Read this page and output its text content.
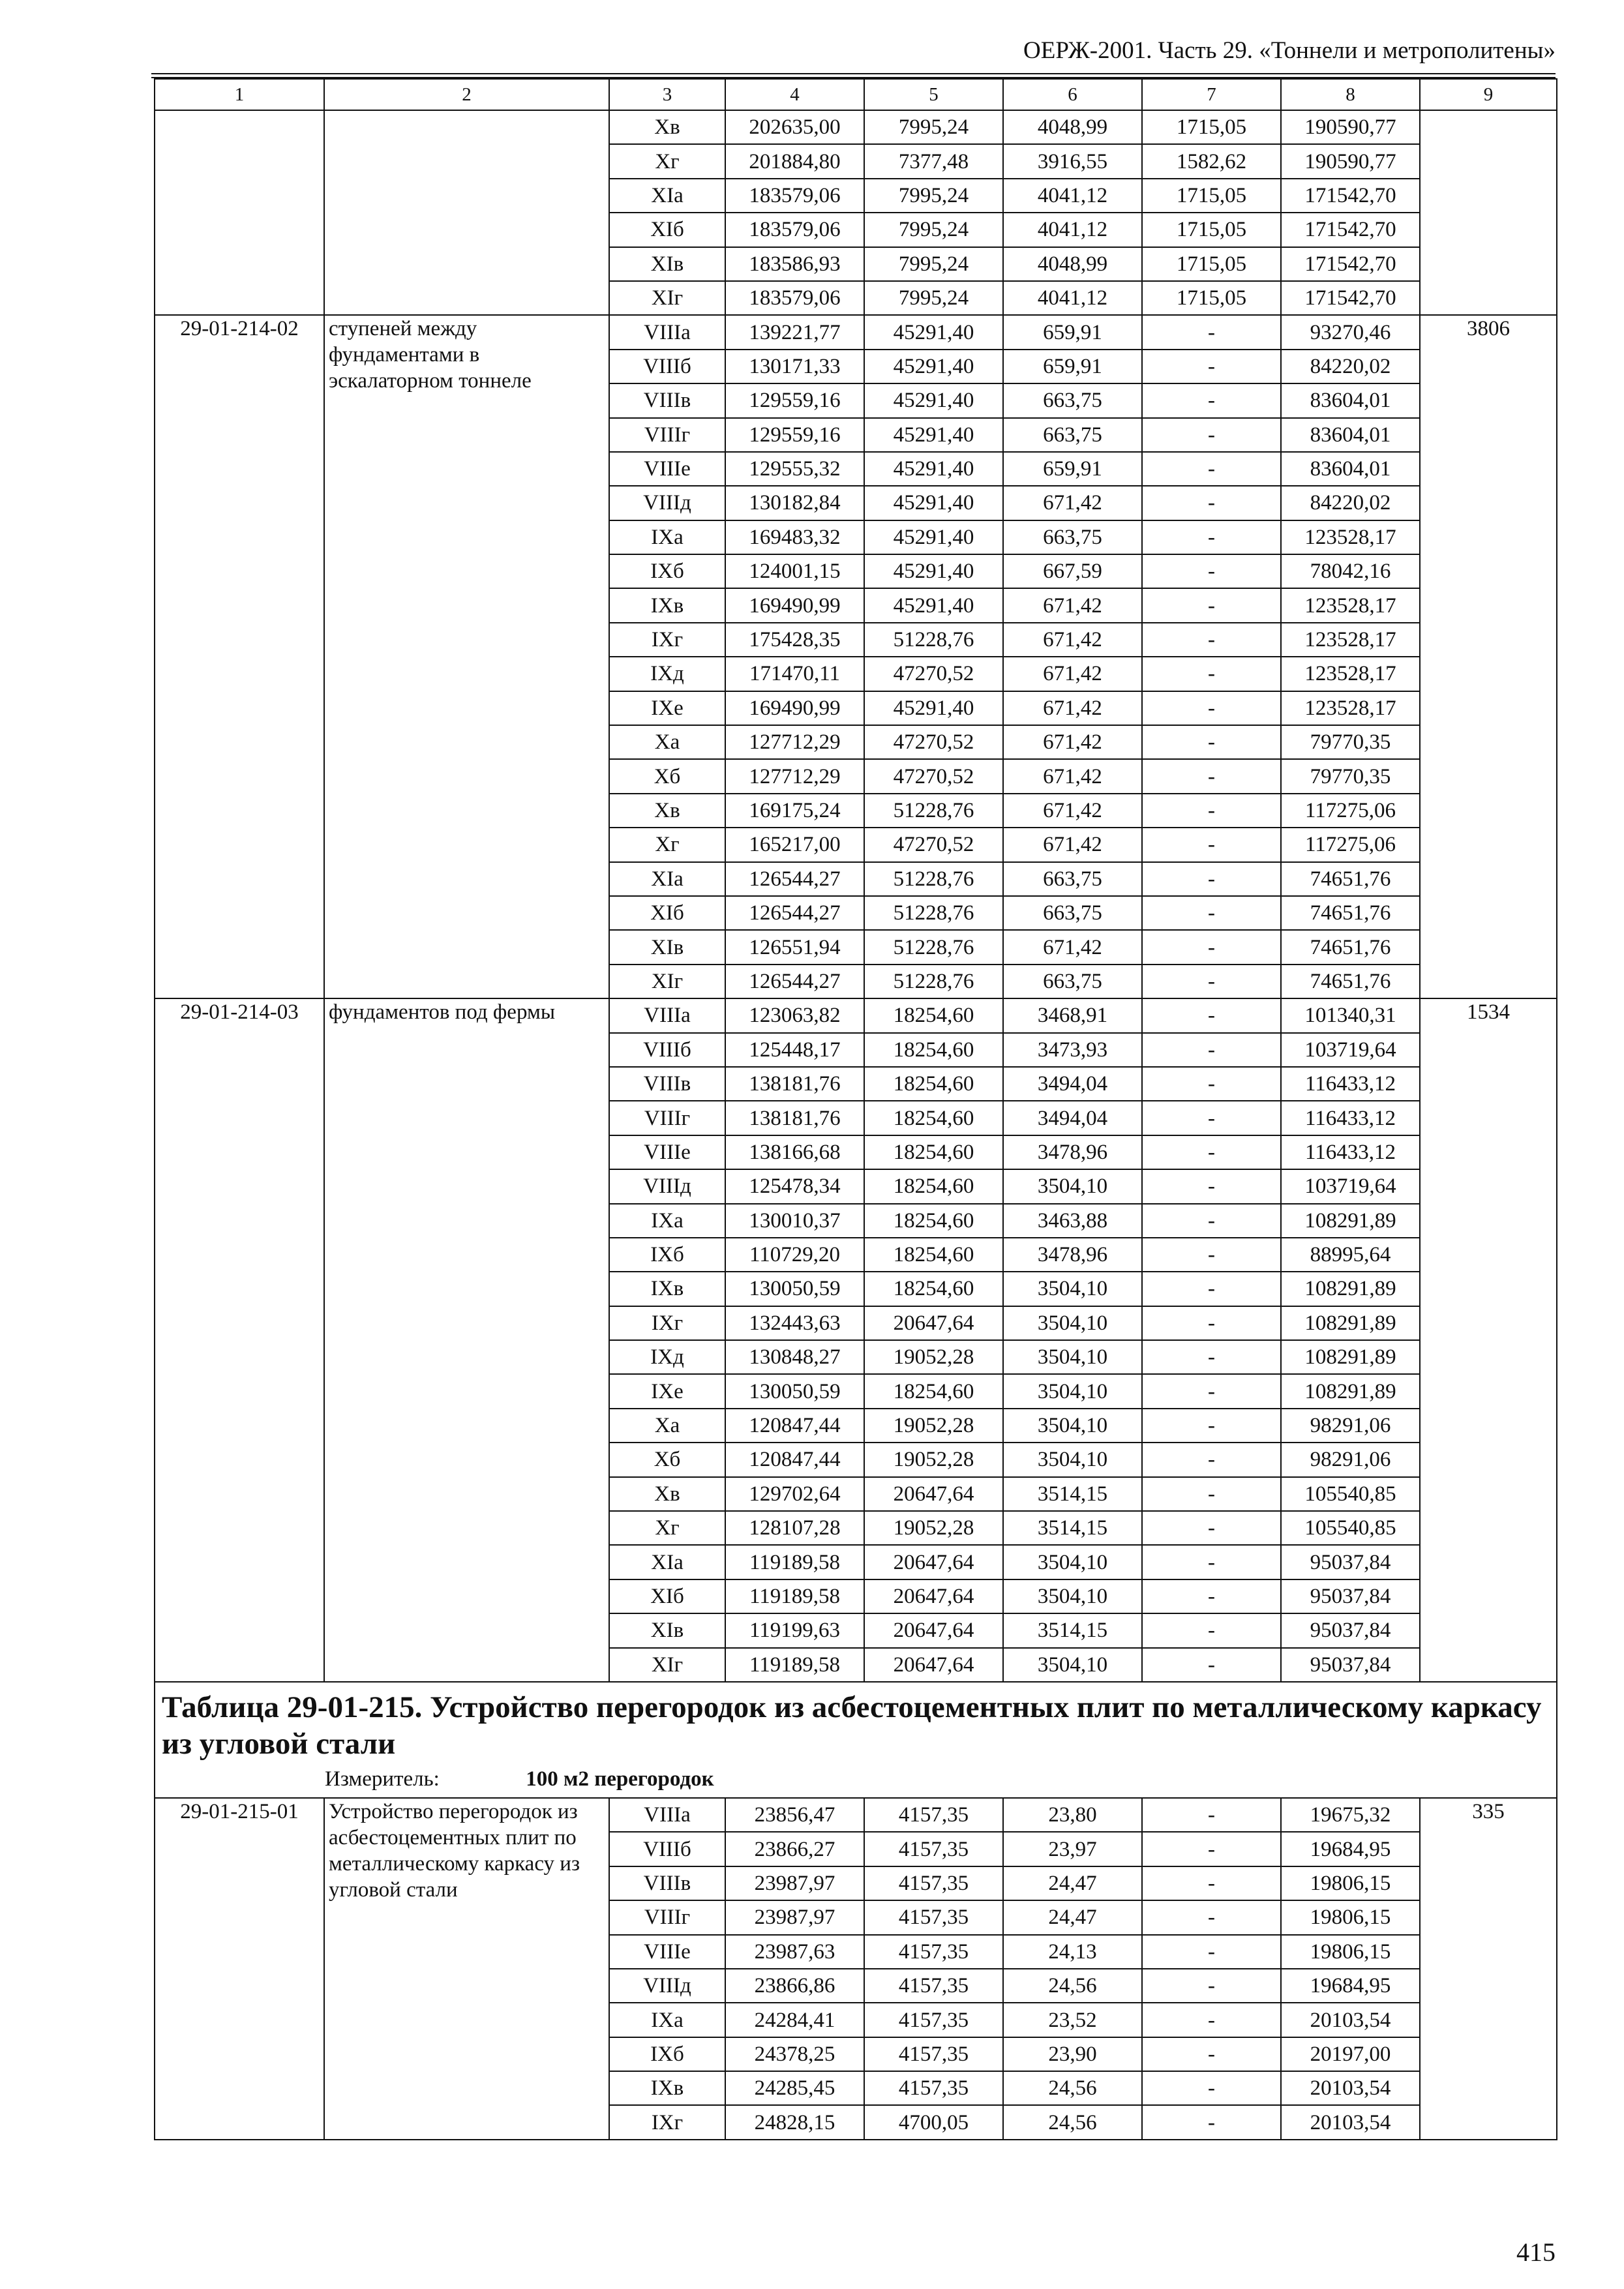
ОЕРЖ-2001. Часть 29. «Тоннели и метрополитены»
1	2	3	4	5	6	7	8	9
		Xв	202635,00	7995,24	4048,99	1715,05	190590,77	
		Xг	201884,80	7377,48	3916,55	1582,62	190590,77	
		XIa	183579,06	7995,24	4041,12	1715,05	171542,70	
		XIб	183579,06	7995,24	4041,12	1715,05	171542,70	
		XIв	183586,93	7995,24	4048,99	1715,05	171542,70	
		XIг	183579,06	7995,24	4041,12	1715,05	171542,70	
29-01-214-02	ступеней между фундаментами в эскалаторном тоннеле	VIIIa	139221,77	45291,40	659,91	-	93270,46	3806
		VIIIб	130171,33	45291,40	659,91	-	84220,02	
		VIIIв	129559,16	45291,40	663,75	-	83604,01	
		VIIIг	129559,16	45291,40	663,75	-	83604,01	
		VIIIе	129555,32	45291,40	659,91	-	83604,01	
		VIIIд	130182,84	45291,40	671,42	-	84220,02	
		IXa	169483,32	45291,40	663,75	-	123528,17	
		IXб	124001,15	45291,40	667,59	-	78042,16	
		IXв	169490,99	45291,40	671,42	-	123528,17	
		IXг	175428,35	51228,76	671,42	-	123528,17	
		IXд	171470,11	47270,52	671,42	-	123528,17	
		IXе	169490,99	45291,40	671,42	-	123528,17	
		Xa	127712,29	47270,52	671,42	-	79770,35	
		Xб	127712,29	47270,52	671,42	-	79770,35	
		Xв	169175,24	51228,76	671,42	-	117275,06	
		Xг	165217,00	47270,52	671,42	-	117275,06	
		XIa	126544,27	51228,76	663,75	-	74651,76	
		XIб	126544,27	51228,76	663,75	-	74651,76	
		XIв	126551,94	51228,76	671,42	-	74651,76	
		XIг	126544,27	51228,76	663,75	-	74651,76	
29-01-214-03	фундаментов под фермы	VIIIa	123063,82	18254,60	3468,91	-	101340,31	1534
		VIIIб	125448,17	18254,60	3473,93	-	103719,64	
		VIIIв	138181,76	18254,60	3494,04	-	116433,12	
		VIIIг	138181,76	18254,60	3494,04	-	116433,12	
		VIIIе	138166,68	18254,60	3478,96	-	116433,12	
		VIIIд	125478,34	18254,60	3504,10	-	103719,64	
		IXa	130010,37	18254,60	3463,88	-	108291,89	
		IXб	110729,20	18254,60	3478,96	-	88995,64	
		IXв	130050,59	18254,60	3504,10	-	108291,89	
		IXг	132443,63	20647,64	3504,10	-	108291,89	
		IXд	130848,27	19052,28	3504,10	-	108291,89	
		IXе	130050,59	18254,60	3504,10	-	108291,89	
		Xa	120847,44	19052,28	3504,10	-	98291,06	
		Xб	120847,44	19052,28	3504,10	-	98291,06	
		Xв	129702,64	20647,64	3514,15	-	105540,85	
		Xг	128107,28	19052,28	3514,15	-	105540,85	
		XIa	119189,58	20647,64	3504,10	-	95037,84	
		XIб	119189,58	20647,64	3504,10	-	95037,84	
		XIв	119199,63	20647,64	3514,15	-	95037,84	
		XIг	119189,58	20647,64	3504,10	-	95037,84	

Таблица 29-01-215. Устройство перегородок из асбестоцементных плит по металлическому каркасу из угловой стали
Измеритель: 100 м2 перегородок								

29-01-215-01	Устройство перегородок из асбестоцементных плит по металлическому каркасу из угловой стали	VIIIa	23856,47	4157,35	23,80	-	19675,32	335
		VIIIб	23866,27	4157,35	23,97	-	19684,95	
		VIIIв	23987,97	4157,35	24,47	-	19806,15	
		VIIIг	23987,97	4157,35	24,47	-	19806,15	
		VIIIе	23987,63	4157,35	24,13	-	19806,15	
		VIIIд	23866,86	4157,35	24,56	-	19684,95	
		IXa	24284,41	4157,35	23,52	-	20103,54	
		IXб	24378,25	4157,35	23,90	-	20197,00	
		IXв	24285,45	4157,35	24,56	-	20103,54	
		IXг	24828,15	4700,05	24,56	-	20103,54	
415
